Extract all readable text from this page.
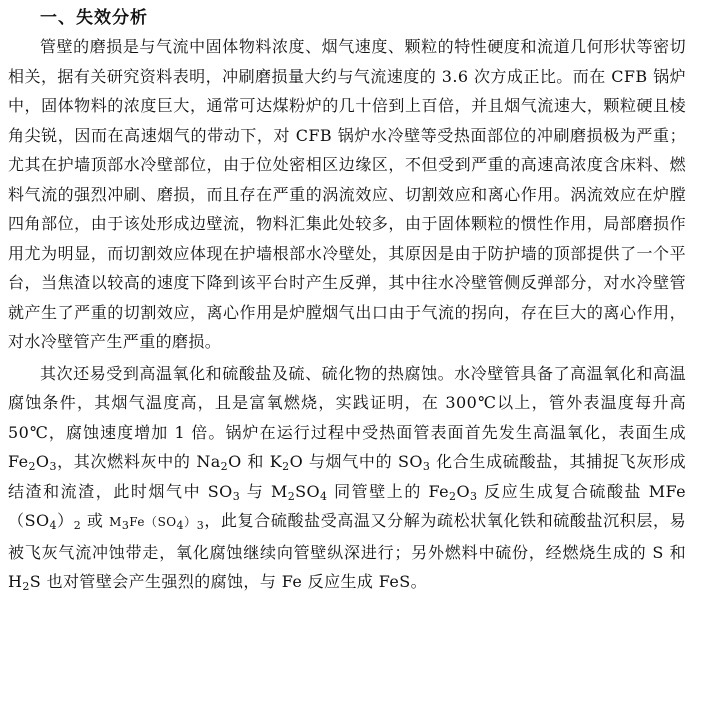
一、失效分析

管壁的磨损是与气流中固体物料浓度、烟气速度、颗粒的特性硬度和流道几何形状等密切相关，据有关研究资料表明，冲刷磨损量大约与气流速度的 3.6 次方成正比。而在 CFB 锅炉中，固体物料的浓度巨大，通常可达煤粉炉的几十倍到上百倍，并且烟气流速大，颗粒硬且棱角尖锐，因而在高速烟气的带动下，对 CFB 锅炉水冷壁等受热面部位的冲刷磨损极为严重；尤其在护墙顶部水冷壁部位，由于位处密相区边缘区，不但受到严重的高速高浓度含床料、燃料气流的强烈冲刷、磨损，而且存在严重的涡流效应、切割效应和离心作用。涡流效应在炉膛四角部位，由于该处形成边壁流，物料汇集此处较多，由于固体颗粒的惯性作用，局部磨损作用尤为明显，而切割效应体现在护墙根部水冷壁处，其原因是由于防护墙的顶部提供了一个平台，当焦渣以较高的速度下降到该平台时产生反弹，其中往水冷壁管侧反弹部分，对水冷壁管就产生了严重的切割效应，离心作用是炉膛烟气出口由于气流的拐向，存在巨大的离心作用，对水冷壁管产生严重的磨损。

其次还易受到高温氧化和硫酸盐及硫、硫化物的热腐蚀。水冷壁管具备了高温氧化和高温腐蚀条件，其烟气温度高，且是富氧燃烧，实践证明，在 300℃以上，管外表温度每升高 50℃，腐蚀速度增加 1 倍。锅炉在运行过程中受热面管表面首先发生高温氧化，表面生成 $Fe_2O_3$，其次燃料灰中的 $Na_2O$ 和 $K_2O$ 与烟气中的 $SO_3$ 化合生成硫酸盐，其捕捉飞灰形成结渣和流渣，此时烟气中 $SO_3$ 与 $M_2SO_4$ 同管壁上的 $Fe_2O_3$ 反应生成复合硫酸盐 $MFe(SO_4)_2$ 或 $M_3Fe(SO_4)_3$，此复合硫酸盐受高温又分解为疏松状氧化铁和硫酸盐沉积层，易被飞灰气流冲蚀带走，氧化腐蚀继续向管壁纵深进行；另外燃料中硫份，经燃烧生成的 S 和 $H_2S$ 也对管壁会产生强烈的腐蚀，与 Fe 反应生成 FeS。
